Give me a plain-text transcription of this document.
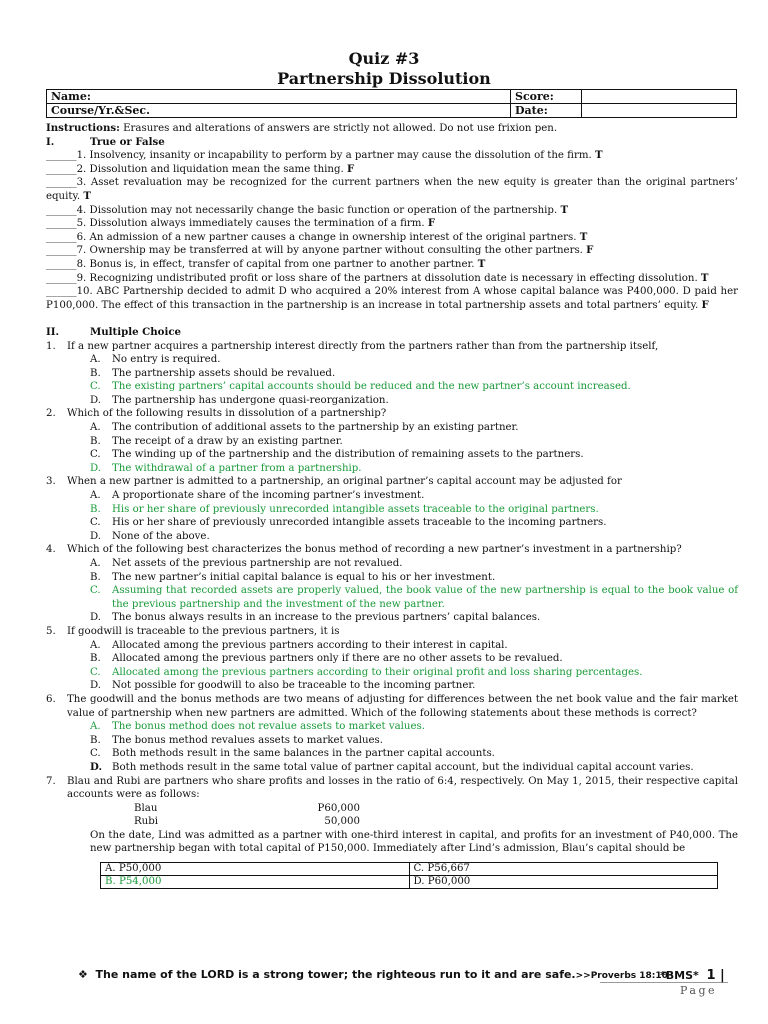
Quiz #3
Partnership Dissolution
Name:	Score:	
Course/Yr.&Sec.	Date:	
Instructions: Erasures and alterations of answers are strictly not allowed. Do not use frixion pen.
I.	True or False
______1. Insolvency, insanity or incapability to perform by a partner may cause the dissolution of the firm. T
______2. Dissolution and liquidation mean the same thing. F
______3. Asset revaluation may be recognized for the current partners when the new equity is greater than the original partners’ equity. T
______4. Dissolution may not necessarily change the basic function or operation of the partnership. T
______5. Dissolution always immediately causes the termination of a firm. F
______6. An admission of a new partner causes a change in ownership interest of the original partners. T
______7. Ownership may be transferred at will by anyone partner without consulting the other partners. F
______8. Bonus is, in effect, transfer of capital from one partner to another partner. T
______9. Recognizing undistributed profit or loss share of the partners at dissolution date is necessary in effecting dissolution. T
______10. ABC Partnership decided to admit D who acquired a 20% interest from A whose capital balance was P400,000. D paid her P100,000. The effect of this transaction in the partnership is an increase in total partnership assets and total partners’ equity. F
II.	Multiple Choice
1.	If a new partner acquires a partnership interest directly from the partners rather than from the partnership itself,
A.	No entry is required.
B.	The partnership assets should be revalued.
C.	The existing partners’ capital accounts should be reduced and the new partner’s account increased.
D.	The partnership has undergone quasi-reorganization.
2.	Which of the following results in dissolution of a partnership?
A.	The contribution of additional assets to the partnership by an existing partner.
B.	The receipt of a draw by an existing partner.
C.	The winding up of the partnership and the distribution of remaining assets to the partners.
D.	The withdrawal of a partner from a partnership.
3.	When a new partner is admitted to a partnership, an original partner’s capital account may be adjusted for
A.	A proportionate share of the incoming partner’s investment.
B.	His or her share of previously unrecorded intangible assets traceable to the original partners.
C.	His or her share of previously unrecorded intangible assets traceable to the incoming partners.
D.	None of the above.
4.	Which of the following best characterizes the bonus method of recording a new partner’s investment in a partnership?
A.	Net assets of the previous partnership are not revalued.
B.	The new partner’s initial capital balance is equal to his or her investment.
C.	Assuming that recorded assets are properly valued, the book value of the new partnership is equal to the book value of the previous partnership and the investment of the new partner.
D.	The bonus always results in an increase to the previous partners’ capital balances.
5.	If goodwill is traceable to the previous partners, it is
A.	Allocated among the previous partners according to their interest in capital.
B.	Allocated among the previous partners only if there are no other assets to be revalued.
C.	Allocated among the previous partners according to their original profit and loss sharing percentages.
D.	Not possible for goodwill to also be traceable to the incoming partner.
6.	The goodwill and the bonus methods are two means of adjusting for differences between the net book value and the fair market value of partnership when new partners are admitted. Which of the following statements about these methods is correct?
A.	The bonus method does not revalue assets to market values.
B.	The bonus method revalues assets to market values.
C.	Both methods result in the same balances in the partner capital accounts.
D. Both methods result in the same total value of partner capital account, but the individual capital account varies.
7.	Blau and Rubi are partners who share profits and losses in the ratio of 6:4, respectively. On May 1, 2015, their respective capital accounts were as follows:
Blau	P60,000
Rubi	50,000
On the date, Lind was admitted as a partner with one-third interest in capital, and profits for an investment of P40,000. The new partnership began with total capital of P150,000. Immediately after Lind’s admission, Blau’s capital should be
A. P50,000	C. P56,667
B. P54,000	D. P60,000
❖ The name of the LORD is a strong tower; the righteous run to it and are safe.>>Proverbs 18:10
*BMS* 1 |
Page
